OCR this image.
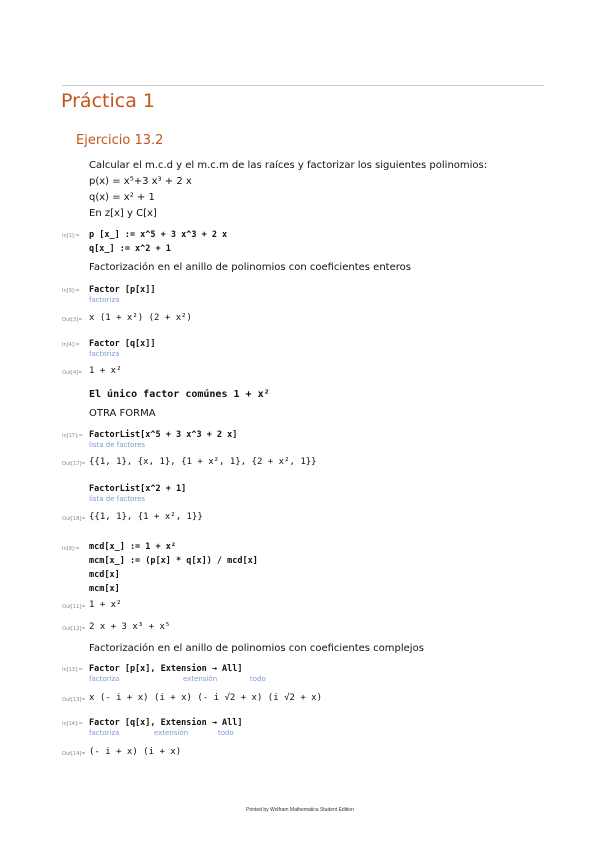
Práctica 1
Ejercicio 13.2
Calcular el m.c.d y el m.c.m de las raíces y factorizar los siguientes polinomios:
p(x) = x⁵+3 x³ + 2 x
q(x) = x² + 1
En z[x] y C[x]
In[1]:= p [x_] := x^5 + 3 x^3 + 2 x
q[x_] := x^2 + 1
Factorización en el anillo de polinomios con coeficientes enteros
In[3]:= Factor [p[x]]
factoriza
Out[3]= x (1 + x²) (2 + x²)
In[4]:= Factor [q[x]]
factoriza
Out[4]= 1 + x²
El único factor comúnes 1 + x²
OTRA FORMA
In[17]:= FactorList[x^5 + 3 x^3 + 2 x]
lista de factores
Out[17]= {{1, 1}, {x, 1}, {1 + x², 1}, {2 + x², 1}}
FactorList[x^2 + 1]
lista de factores
Out[18]= {{1, 1}, {1 + x², 1}}
In[9]:= mcd[x_] := 1 + x²
mcm[x_] := (p[x] * q[x]) / mcd[x]
mcd[x]
mcm[x]
Out[11]= 1 + x²
Out[12]= 2 x + 3 x³ + x⁵
Factorización en el anillo de polinomios con coeficientes complejos
In[13]:= Factor [p[x], Extension → All]
factoriza	extensión	todo
Out[13]= x (- i + x) (i + x) (- i √2 + x) (i √2 + x)
In[14]:= Factor [q[x], Extension → All]
factoriza	extensión	todo
Out[14]= (- i + x) (i + x)
Printed by Wolfram Mathematica Student Edition
